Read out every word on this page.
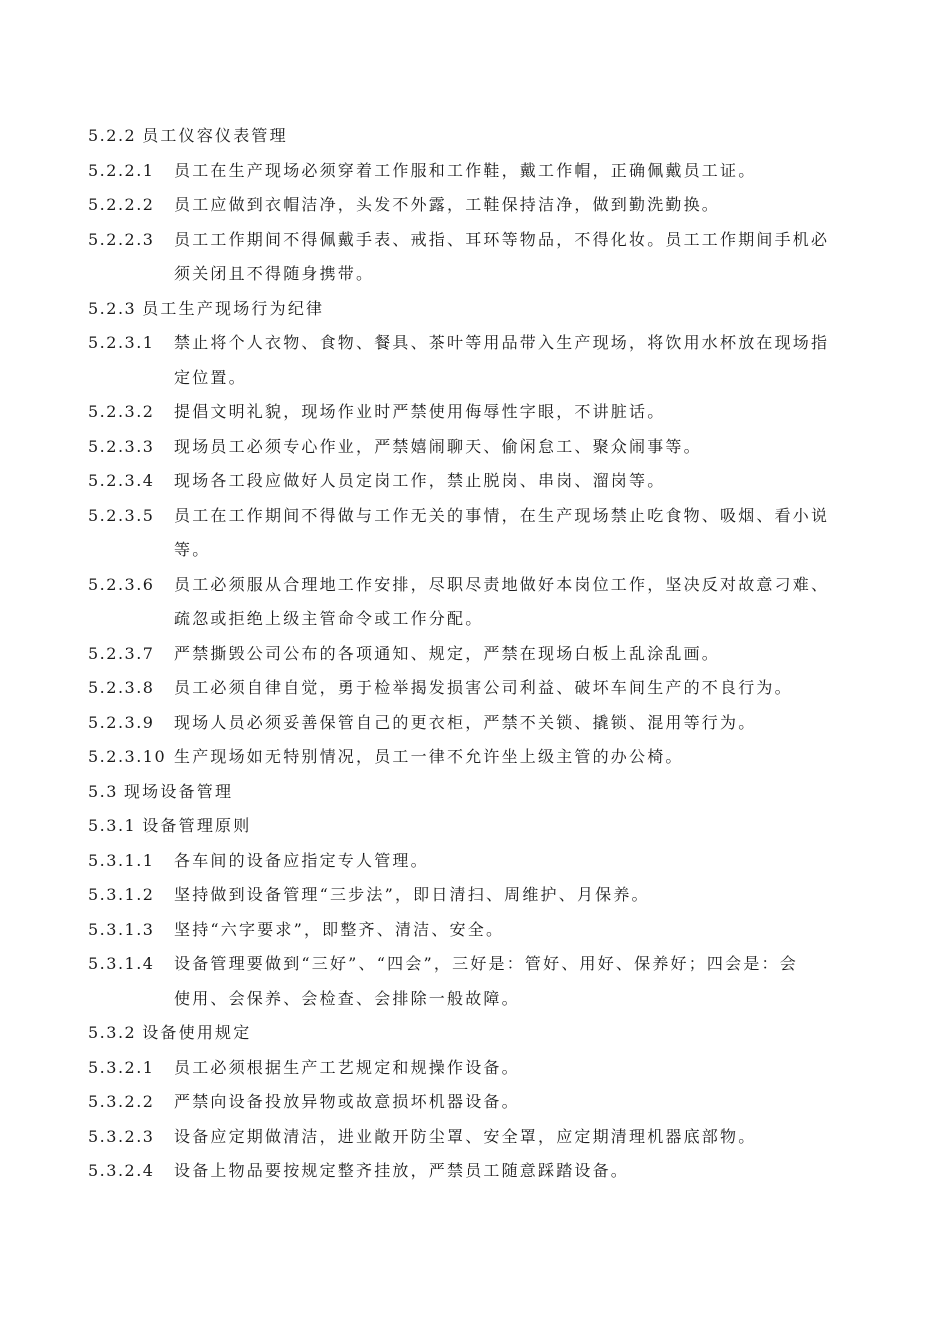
5.2.2 员工仪容仪表管理
5.2.2.1	员工在生产现场必须穿着工作服和工作鞋，戴工作帽，正确佩戴员工证。
5.2.2.2	员工应做到衣帽洁净，头发不外露，工鞋保持洁净，做到勤洗勤换。
5.2.2.3	员工工作期间不得佩戴手表、戒指、耳环等物品，不得化妆。员工工作期间手机必
须关闭且不得随身携带。
5.2.3 员工生产现场行为纪律
5.2.3.1	禁止将个人衣物、食物、餐具、茶叶等用品带入生产现场，将饮用水杯放在现场指
定位置。
5.2.3.2	提倡文明礼貌，现场作业时严禁使用侮辱性字眼，不讲脏话。
5.2.3.3	现场员工必须专心作业，严禁嬉闹聊天、偷闲怠工、聚众闹事等。
5.2.3.4	现场各工段应做好人员定岗工作，禁止脱岗、串岗、溜岗等。
5.2.3.5	员工在工作期间不得做与工作无关的事情，在生产现场禁止吃食物、吸烟、看小说
等。
5.2.3.6	员工必须服从合理地工作安排，尽职尽责地做好本岗位工作，坚决反对故意刁难、
疏忽或拒绝上级主管命令或工作分配。
5.2.3.7	严禁撕毁公司公布的各项通知、规定，严禁在现场白板上乱涂乱画。
5.2.3.8	员工必须自律自觉，勇于检举揭发损害公司利益、破坏车间生产的不良行为。
5.2.3.9	现场人员必须妥善保管自己的更衣柜，严禁不关锁、撬锁、混用等行为。
5.2.3.10 生产现场如无特别情况，员工一律不允许坐上级主管的办公椅。
5.3 现场设备管理
5.3.1 设备管理原则
5.3.1.1	各车间的设备应指定专人管理。
5.3.1.2	坚持做到设备管理“三步法”，即日清扫、周维护、月保养。
5.3.1.3	坚持“六字要求”，即整齐、清洁、安全。
5.3.1.4	设备管理要做到“三好”、“四会”，三好是：管好、用好、保养好；四会是：会
使用、会保养、会检查、会排除一般故障。
5.3.2 设备使用规定
5.3.2.1	员工必须根据生产工艺规定和规操作设备。
5.3.2.2	严禁向设备投放异物或故意损坏机器设备。
5.3.2.3	设备应定期做清洁，进业敞开防尘罩、安全罩，应定期清理机器底部物。
5.3.2.4	设备上物品要按规定整齐挂放，严禁员工随意踩踏设备。
